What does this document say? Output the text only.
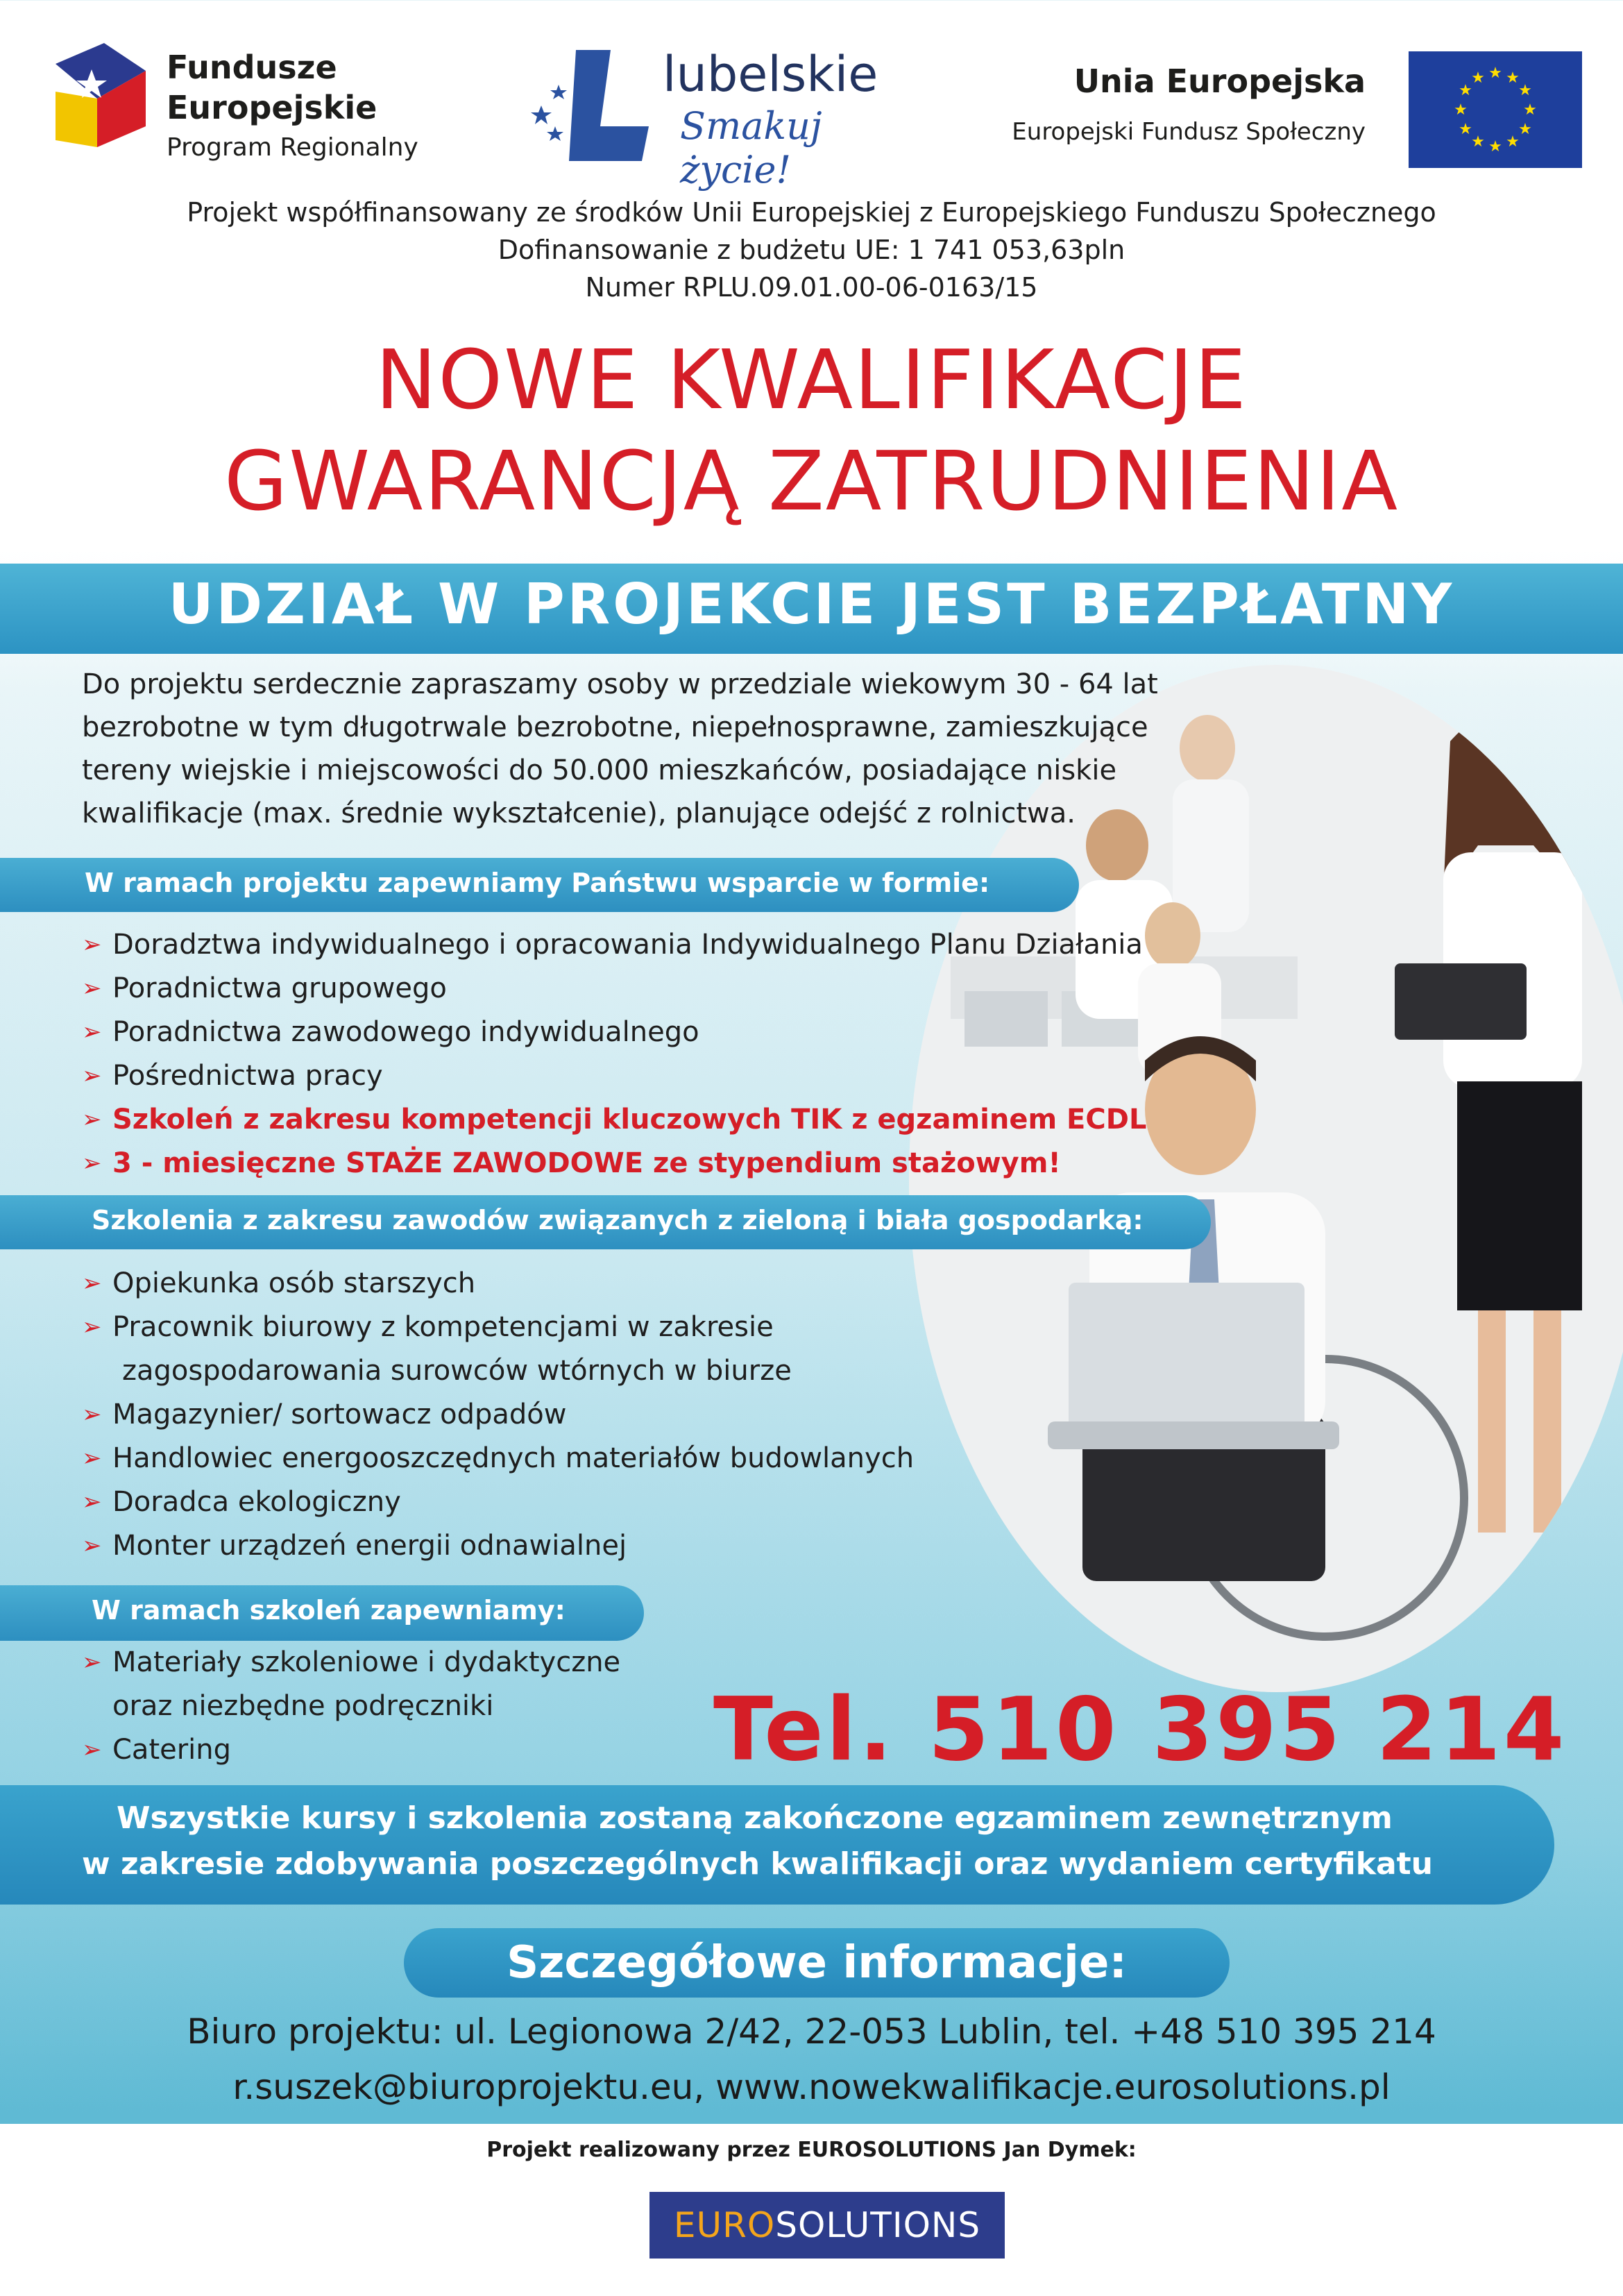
Fundusze
Europejskie
Program Regionalny
lubelskie
Smakuj życie!
Unia Europejska
Europejski Fundusz Społeczny
★ ★
★
★
★
★
★
★
★
★
★
★
Projekt współfinansowany ze środków Unii Europejskiej z Europejskiego Funduszu Społecznego
Dofinansowanie z budżetu UE: 1 741 053,63pln
Numer RPLU.09.01.00-06-0163/15
NOWE KWALIFIKACJE
GWARANCJĄ ZATRUDNIENIA
UDZIAŁ W PROJEKCIE JEST BEZPŁATNY
Do projektu serdecznie zapraszamy osoby w przedziale wiekowym 30 - 64 lat
bezrobotne w tym długotrwale bezrobotne, niepełnosprawne, zamieszkujące
tereny wiejskie i miejscowości do 50.000 mieszkańców, posiadające niskie
kwalifikacje (max. średnie wykształcenie), planujące odejść z rolnictwa.
W ramach projektu zapewniamy Państwu wsparcie w formie:
➢ Doradztwa indywidualnego i opracowania Indywidualnego Planu Działania
➢ Poradnictwa grupowego
➢ Poradnictwa zawodowego indywidualnego
➢ Pośrednictwa pracy
➢ Szkoleń z zakresu kompetencji kluczowych TIK z egzaminem ECDL
➢ 3 - miesięczne STAŻE ZAWODOWE ze stypendium stażowym!
Szkolenia z zakresu zawodów związanych z zieloną i biała gospodarką:
➢ Opiekunka osób starszych
➢ Pracownik biurowy z kompetencjami w zakresie
zagospodarowania surowców wtórnych w biurze
➢ Magazynier/ sortowacz odpadów
➢ Handlowiec energooszczędnych materiałów budowlanych
➢ Doradca ekologiczny
➢ Monter urządzeń energii odnawialnej
W ramach szkoleń zapewniamy:
➢ Materiały szkoleniowe i dydaktyczne
oraz niezbędne podręczniki
➢ Catering	Tel. 510 395 214
Wszystkie kursy i szkolenia zostaną zakończone egzaminem zewnętrznym
w zakresie zdobywania poszczególnych kwalifikacji oraz wydaniem certyfikatu
Szczegółowe informacje:
Biuro projektu: ul. Legionowa 2/42, 22-053 Lublin, tel. +48 510 395 214
r.suszek@biuroprojektu.eu, www.nowekwalifikacje.eurosolutions.pl
Projekt realizowany przez EUROSOLUTIONS Jan Dymek:
EUROSOLUTIONS
